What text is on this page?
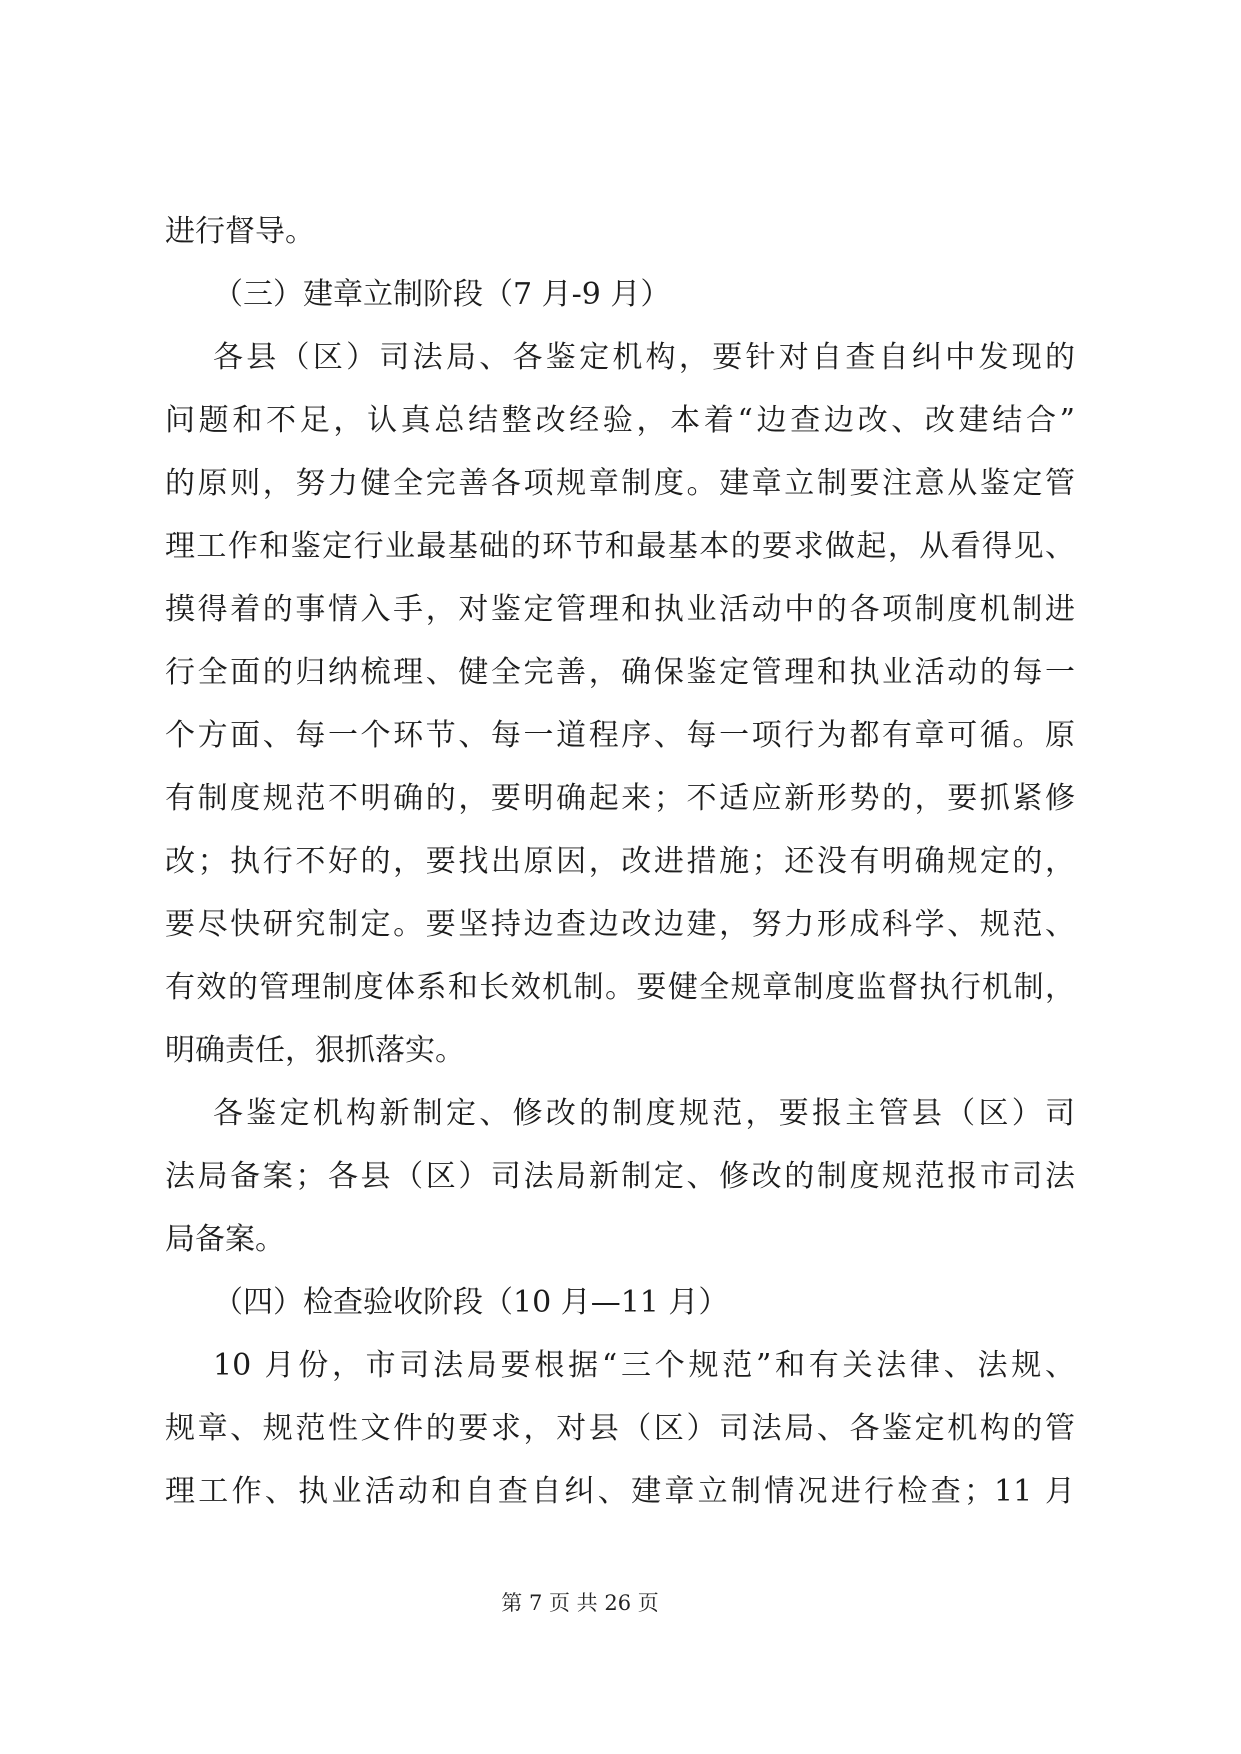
进行督导。
（三）建章立制阶段（7 月-9 月）
各县（区）司法局、各鉴定机构，要针对自查自纠中发现的
问题和不足，认真总结整改经验，本着“边查边改、改建结合”
的原则，努力健全完善各项规章制度。建章立制要注意从鉴定管
理工作和鉴定行业最基础的环节和最基本的要求做起，从看得见、
摸得着的事情入手，对鉴定管理和执业活动中的各项制度机制进
行全面的归纳梳理、健全完善，确保鉴定管理和执业活动的每一
个方面、每一个环节、每一道程序、每一项行为都有章可循。原
有制度规范不明确的，要明确起来；不适应新形势的，要抓紧修
改；执行不好的，要找出原因，改进措施；还没有明确规定的，
要尽快研究制定。要坚持边查边改边建，努力形成科学、规范、
有效的管理制度体系和长效机制。要健全规章制度监督执行机制，
明确责任，狠抓落实。
各鉴定机构新制定、修改的制度规范，要报主管县（区）司
法局备案；各县（区）司法局新制定、修改的制度规范报市司法
局备案。
（四）检查验收阶段（10 月—11 月）
10 月份，市司法局要根据“三个规范”和有关法律、法规、
规章、规范性文件的要求，对县（区）司法局、各鉴定机构的管
理工作、执业活动和自查自纠、建章立制情况进行检查；11 月
第 7 页 共 26 页
